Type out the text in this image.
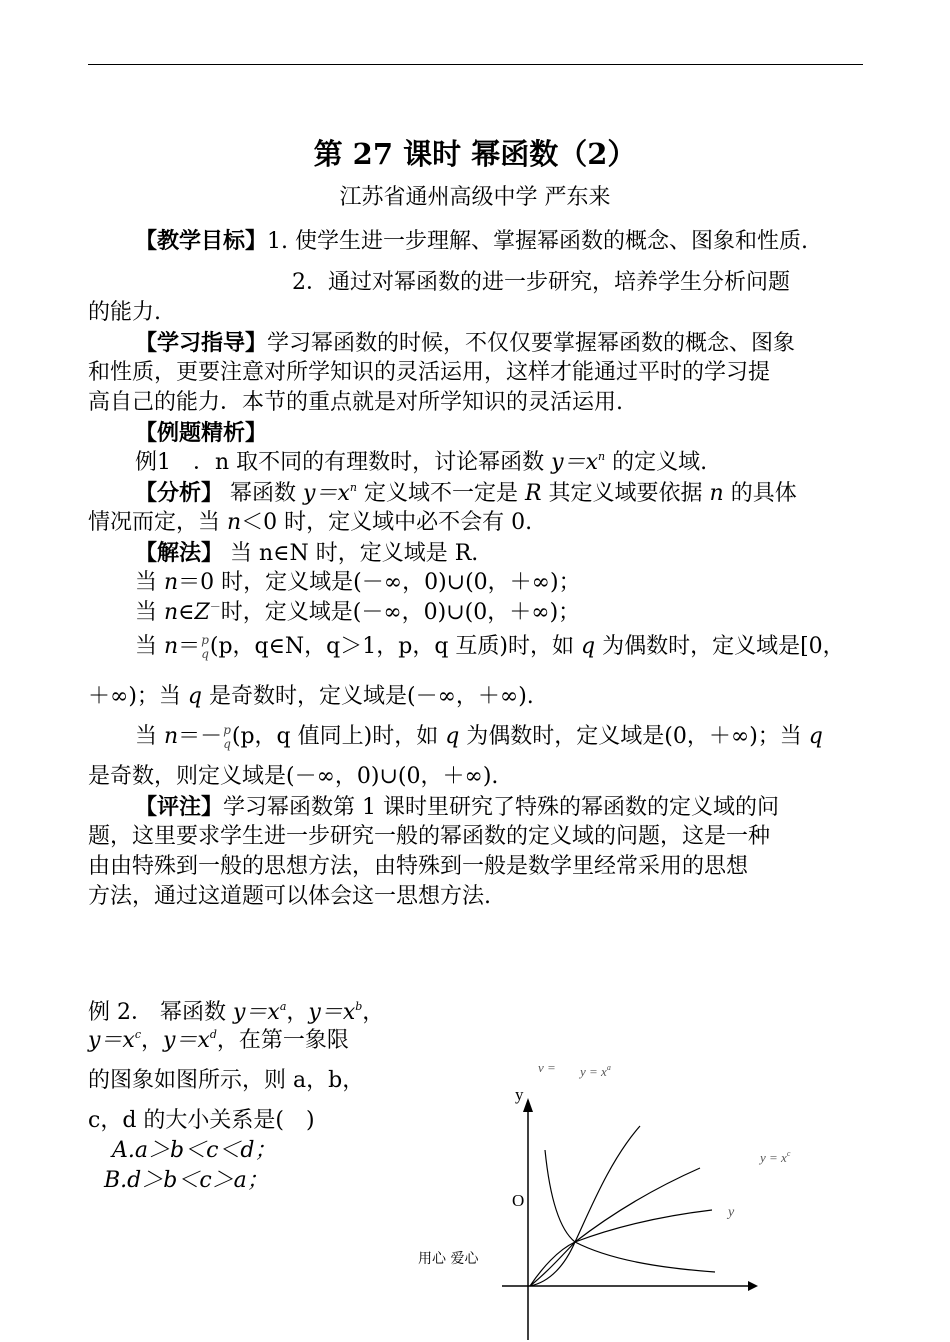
第 27 课时 幂函数（2）
江苏省通州高级中学 严东来
【教学目标】1. 使学生进一步理解、掌握幂函数的概念、图象和性质.
2．通过对幂函数的进一步研究，培养学生分析问题
的能力.
【学习指导】学习幂函数的时候，不仅仅要掌握幂函数的概念、图象
和性质，更要注意对所学知识的灵活运用，这样才能通过平时的学习提
高自己的能力．本节的重点就是对所学知识的灵活运用.
【例题精析】
例1　．n 取不同的有理数时，讨论幂函数 $y=x^n$ 的定义域.
【分析】 幂函数 $y=x^n$ 定义域不一定是 R 其定义域要依据 n 的具体
情况而定，当 n＜0 时，定义域中必不会有 0.
【解法】 当 n∈N 时，定义域是 R.
当 n＝0 时，定义域是(－∞，0)∪(0，＋∞)；
当 n∈Z－时，定义域是(－∞，0)∪(0，＋∞)；
当 n＝ p
q (p，q∈N，q＞1，p，q 互质)时，如 q 为偶数时，定义域是[0，
＋∞)；当 q 是奇数时，定义域是(－∞，＋∞).
当 n＝－ p
q (p，q 值同上)时，如 q 为偶数时，定义域是(0，＋∞)；当 q
是奇数，则定义域是(－∞，0)∪(0，＋∞).
【评注】学习幂函数第 1 课时里研究了特殊的幂函数的定义域的问
题，这里要求学生进一步研究一般的幂函数的定义域的问题，这是一种
由由特殊到一般的思想方法，由特殊到一般是数学里经常采用的思想
方法，通过这道题可以体会这一思想方法.
例 2． 幂函数 $y=x^a$，$y=x^b$，
$y=x^c$，$y=x^d$，在第一象限
的图象如图所示，则 a，b，
c，d 的大小关系是(　)
A.a＞b＜c＜d；
B.d＞b＜c＞a；
y
O
$v = y = x^a$
$y = x^c$
y
用心 爱心
